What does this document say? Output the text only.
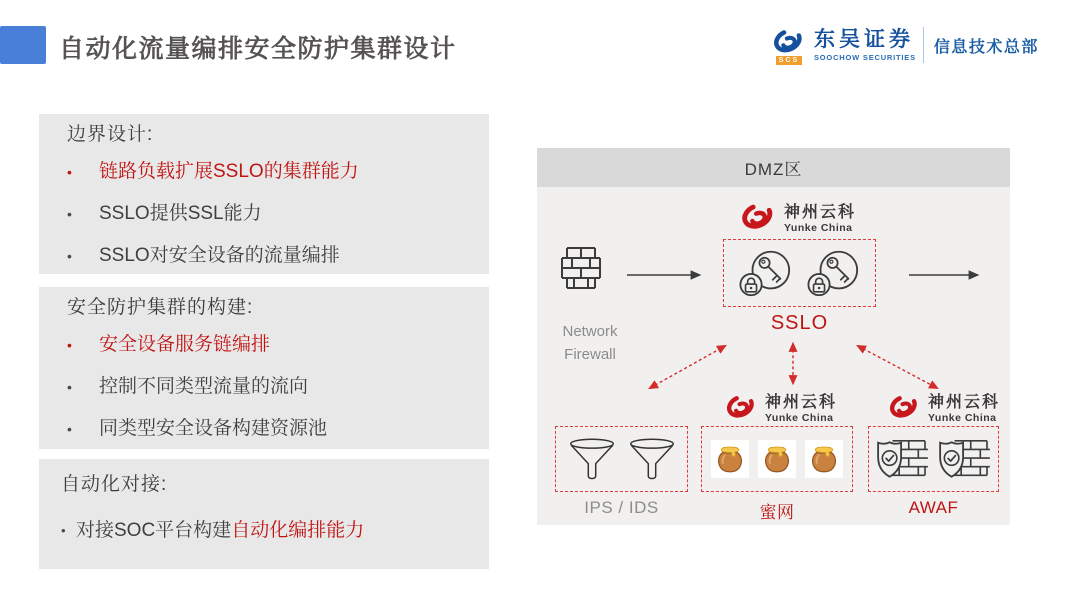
自动化流量编排安全防护集群设计	SCS
东吴证券
SOOCHOW SECURITIES
信息技术总部
边界设计:
•	链路负载扩展SSLO的集群能力
•	SSLO提供SSL能力
•	SSLO对安全设备的流量编排
安全防护集群的构建:
•	安全设备服务链编排
•	控制不同类型流量的流向
•	同类型安全设备构建资源池
自动化对接:
• 对接SOC平台构建自动化编排能力
DMZ区
神州云科
Yunke China
Network
Firewall
SSLO
神州云科
Yunke China
神州云科
Yunke China
IPS / IDS	蜜网	AWAF
